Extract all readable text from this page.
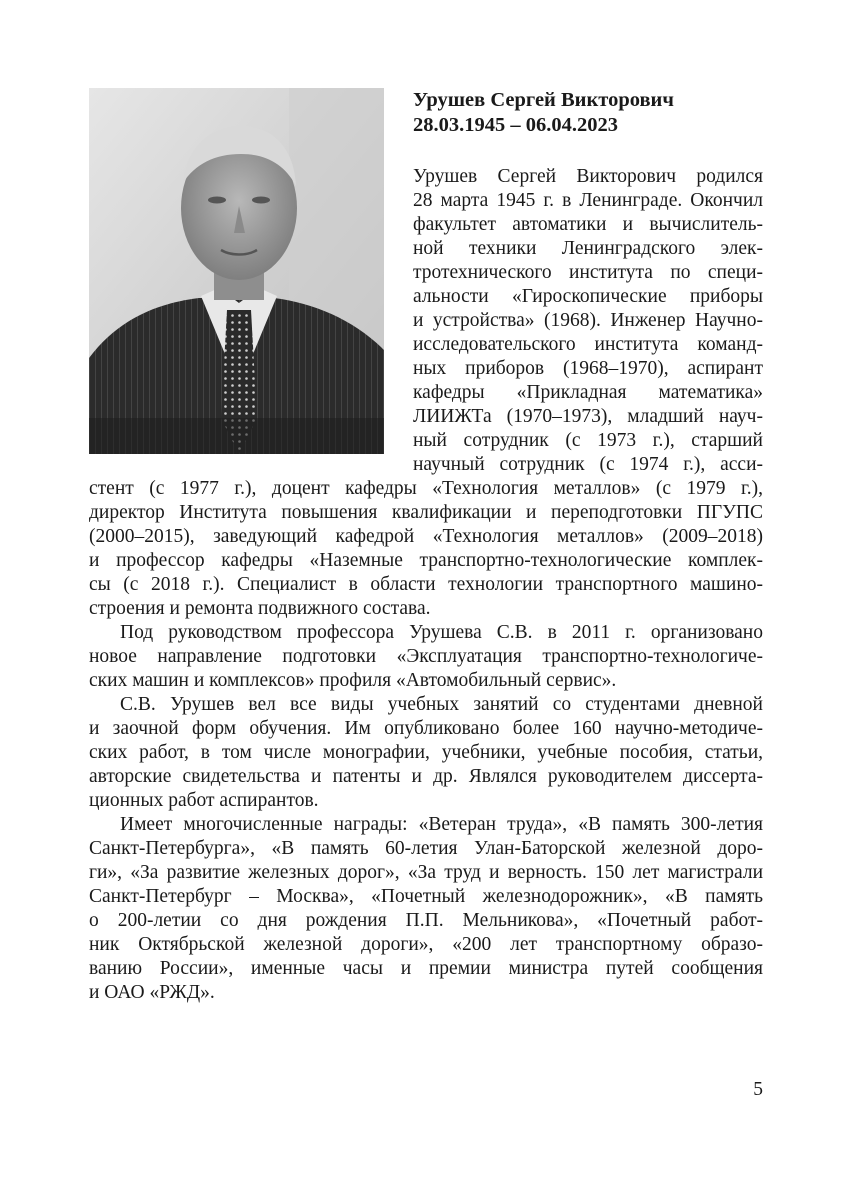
Урушев Сергей Викторович
28.03.1945 – 06.04.2023
Урушев Сергей Викторович родился
28 марта 1945 г. в Ленинграде. Окончил
факультет автоматики и вычислитель-
ной техники Ленинградского элек-
тротехнического института по специ-
альности «Гироскопические приборы
и устройства» (1968). Инженер Научно-
исследовательского института команд-
ных приборов (1968–1970), аспирант
кафедры «Прикладная математика»
ЛИИЖТа (1970–1973), младший науч-
ный сотрудник (с 1973 г.), старший
научный сотрудник (с 1974 г.), асси-
стент (с 1977 г.), доцент кафедры «Технология металлов» (с 1979 г.),
директор Института повышения квалификации и переподготовки ПГУПС
(2000–2015), заведующий кафедрой «Технология металлов» (2009–2018)
и профессор кафедры «Наземные транспортно-технологические комплек-
сы (с 2018 г.). Специалист в области технологии транспортного машино-
строения и ремонта подвижного состава.
Под руководством профессора Урушева С.В. в 2011 г. организовано
новое направление подготовки «Эксплуатация транспортно-технологиче-
ских машин и комплексов» профиля «Автомобильный сервис».
С.В. Урушев вел все виды учебных занятий со студентами дневной
и заочной форм обучения. Им опубликовано более 160 научно-методиче-
ских работ, в том числе монографии, учебники, учебные пособия, статьи,
авторские свидетельства и патенты и др. Являлся руководителем диссерта-
ционных работ аспирантов.
Имеет многочисленные награды: «Ветеран труда», «В память 300-летия
Санкт-Петербурга», «В память 60-летия Улан-Баторской железной доро-
ги», «За развитие железных дорог», «За труд и верность. 150 лет магистрали
Санкт-Петербург – Москва», «Почетный железнодорожник», «В память
о 200-летии со дня рождения П.П. Мельникова», «Почетный работ-
ник Октябрьской железной дороги», «200 лет транспортному образо-
ванию России», именные часы и премии министра путей сообщения
и ОАО «РЖД».
5
